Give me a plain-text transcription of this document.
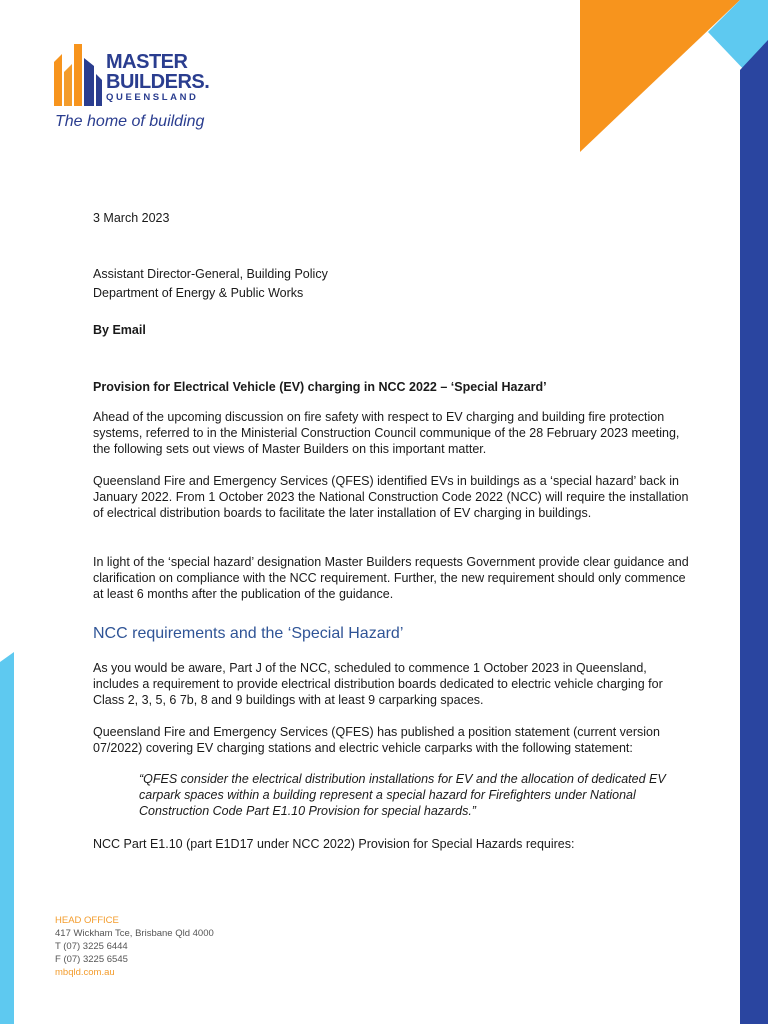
MASTER
BUILDERS.
QUEENSLAND
The home of building

3 March 2023

Assistant Director-General, Building Policy

Department of Energy & Public Works

By Email

Provision for Electrical Vehicle (EV) charging in NCC 2022 – ‘Special Hazard’

Ahead of the upcoming discussion on fire safety with respect to EV charging and building fire protection systems, referred to in the Ministerial Construction Council communique of the 28 February 2023 meeting, the following sets out views of Master Builders on this important matter.

Queensland Fire and Emergency Services (QFES) identified EVs in buildings as a ‘special hazard’ back in January 2022. From 1 October 2023 the National Construction Code 2022 (NCC) will require the installation of electrical distribution boards to facilitate the later installation of EV charging in buildings.

In light of the ‘special hazard’ designation Master Builders requests Government provide clear guidance and clarification on compliance with the NCC requirement. Further, the new requirement should only commence at least 6 months after the publication of the guidance.

NCC requirements and the ‘Special Hazard’

As you would be aware, Part J of the NCC, scheduled to commence 1 October 2023 in Queensland, includes a requirement to provide electrical distribution boards dedicated to electric vehicle charging for Class 2, 3, 5, 6 7b, 8 and 9 buildings with at least 9 carparking spaces.

Queensland Fire and Emergency Services (QFES) has published a position statement (current version 07/2022) covering EV charging stations and electric vehicle carparks with the following statement:

“QFES consider the electrical distribution installations for EV and the allocation of dedicated EV carpark spaces within a building represent a special hazard for Firefighters under National Construction Code Part E1.10 Provision for special hazards.”

NCC Part E1.10 (part E1D17 under NCC 2022) Provision for Special Hazards requires:

HEAD OFFICE
417 Wickham Tce, Brisbane Qld 4000
T (07) 3225 6444
F (07) 3225 6545
mbqld.com.au
